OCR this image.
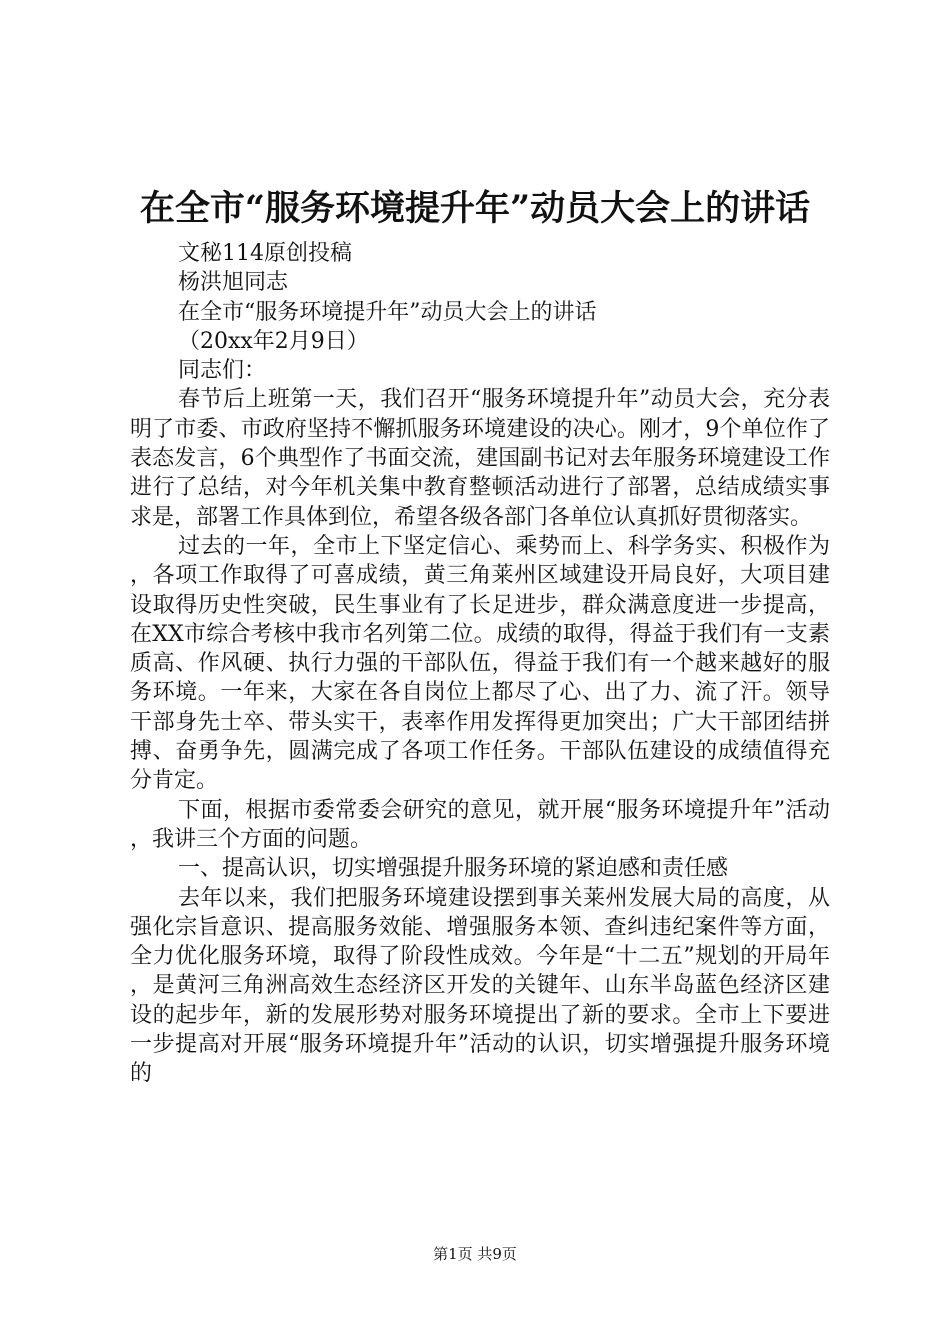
在全市“服务环境提升年”动员大会上的讲话

文秘114原创投稿

杨洪旭同志

在全市“服务环境提升年”动员大会上的讲话

（20xx年2月9日）

同志们：

春节后上班第一天，我们召开“服务环境提升年”动员大会，充分表明了市委、市政府坚持不懈抓服务环境建设的决心。刚才，9个单位作了表态发言，6个典型作了书面交流，建国副书记对去年服务环境建设工作进行了总结，对今年机关集中教育整顿活动进行了部署，总结成绩实事求是，部署工作具体到位，希望各级各部门各单位认真抓好贯彻落实。

过去的一年，全市上下坚定信心、乘势而上、科学务实、积极作为，各项工作取得了可喜成绩，黄三角莱州区域建设开局良好，大项目建设取得历史性突破，民生事业有了长足进步，群众满意度进一步提高，在XX市综合考核中我市名列第二位。成绩的取得，得益于我们有一支素质高、作风硬、执行力强的干部队伍，得益于我们有一个越来越好的服务环境。一年来，大家在各自岗位上都尽了心、出了力、流了汗。领导干部身先士卒、带头实干，表率作用发挥得更加突出；广大干部团结拼搏、奋勇争先，圆满完成了各项工作任务。干部队伍建设的成绩值得充分肯定。

下面，根据市委常委会研究的意见，就开展“服务环境提升年”活动，我讲三个方面的问题。

一、提高认识，切实增强提升服务环境的紧迫感和责任感

去年以来，我们把服务环境建设摆到事关莱州发展大局的高度，从强化宗旨意识、提高服务效能、增强服务本领、查纠违纪案件等方面，全力优化服务环境，取得了阶段性成效。今年是“十二五”规划的开局年，是黄河三角洲高效生态经济区开发的关键年、山东半岛蓝色经济区建设的起步年，新的发展形势对服务环境提出了新的要求。全市上下要进一步提高对开展“服务环境提升年”活动的认识，切实增强提升服务环境的

第1页 共9页
